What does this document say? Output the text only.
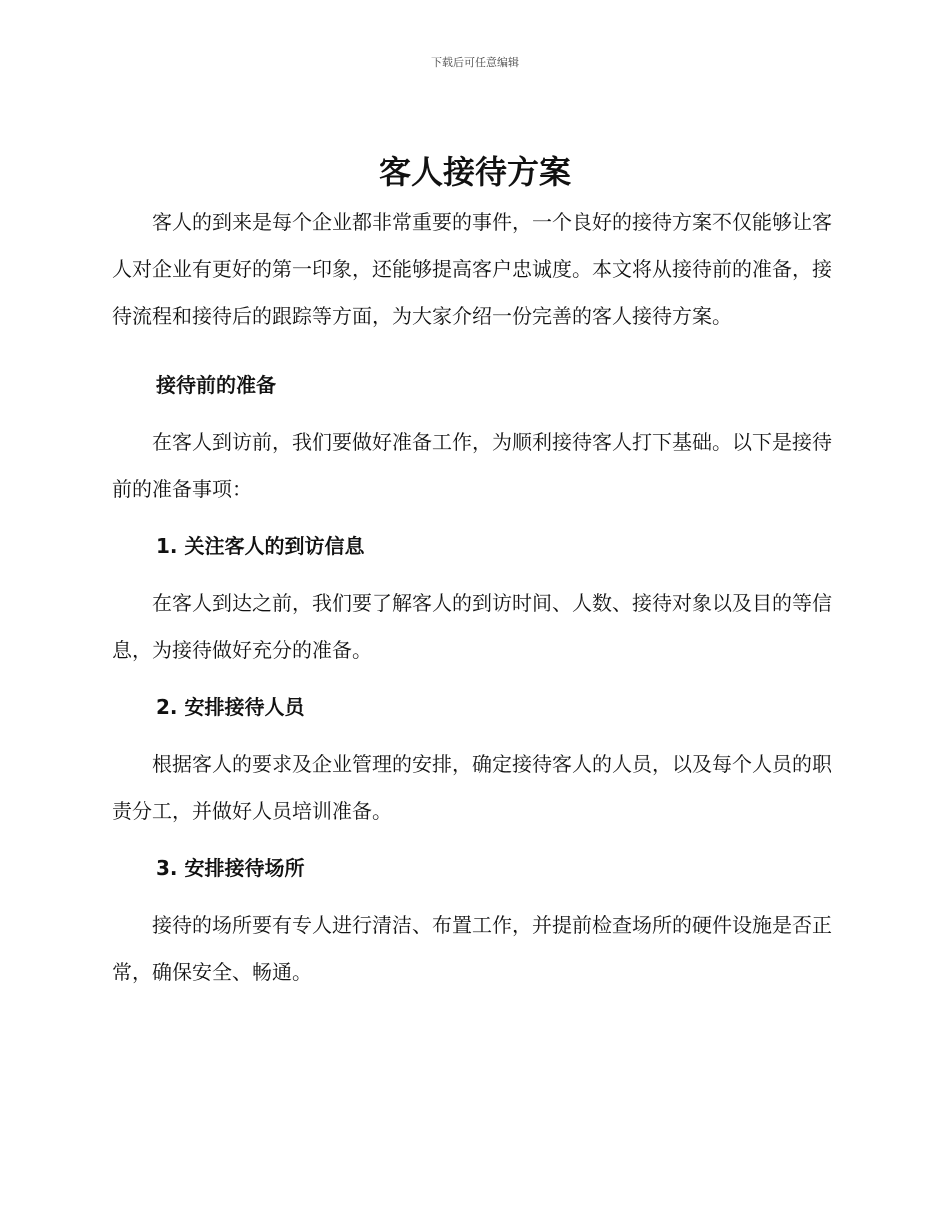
下载后可任意编辑
客人接待方案

客人的到来是每个企业都非常重要的事件，一个良好的接待方案不仅能够让客人对企业有更好的第一印象，还能够提高客户忠诚度。本文将从接待前的准备，接待流程和接待后的跟踪等方面，为大家介绍一份完善的客人接待方案。

接待前的准备

在客人到访前，我们要做好准备工作，为顺利接待客人打下基础。以下是接待前的准备事项：

1. 关注客人的到访信息

在客人到达之前，我们要了解客人的到访时间、人数、接待对象以及目的等信息，为接待做好充分的准备。

2. 安排接待人员

根据客人的要求及企业管理的安排，确定接待客人的人员，以及每个人员的职责分工，并做好人员培训准备。

3. 安排接待场所

接待的场所要有专人进行清洁、布置工作，并提前检查场所的硬件设施是否正常，确保安全、畅通。
